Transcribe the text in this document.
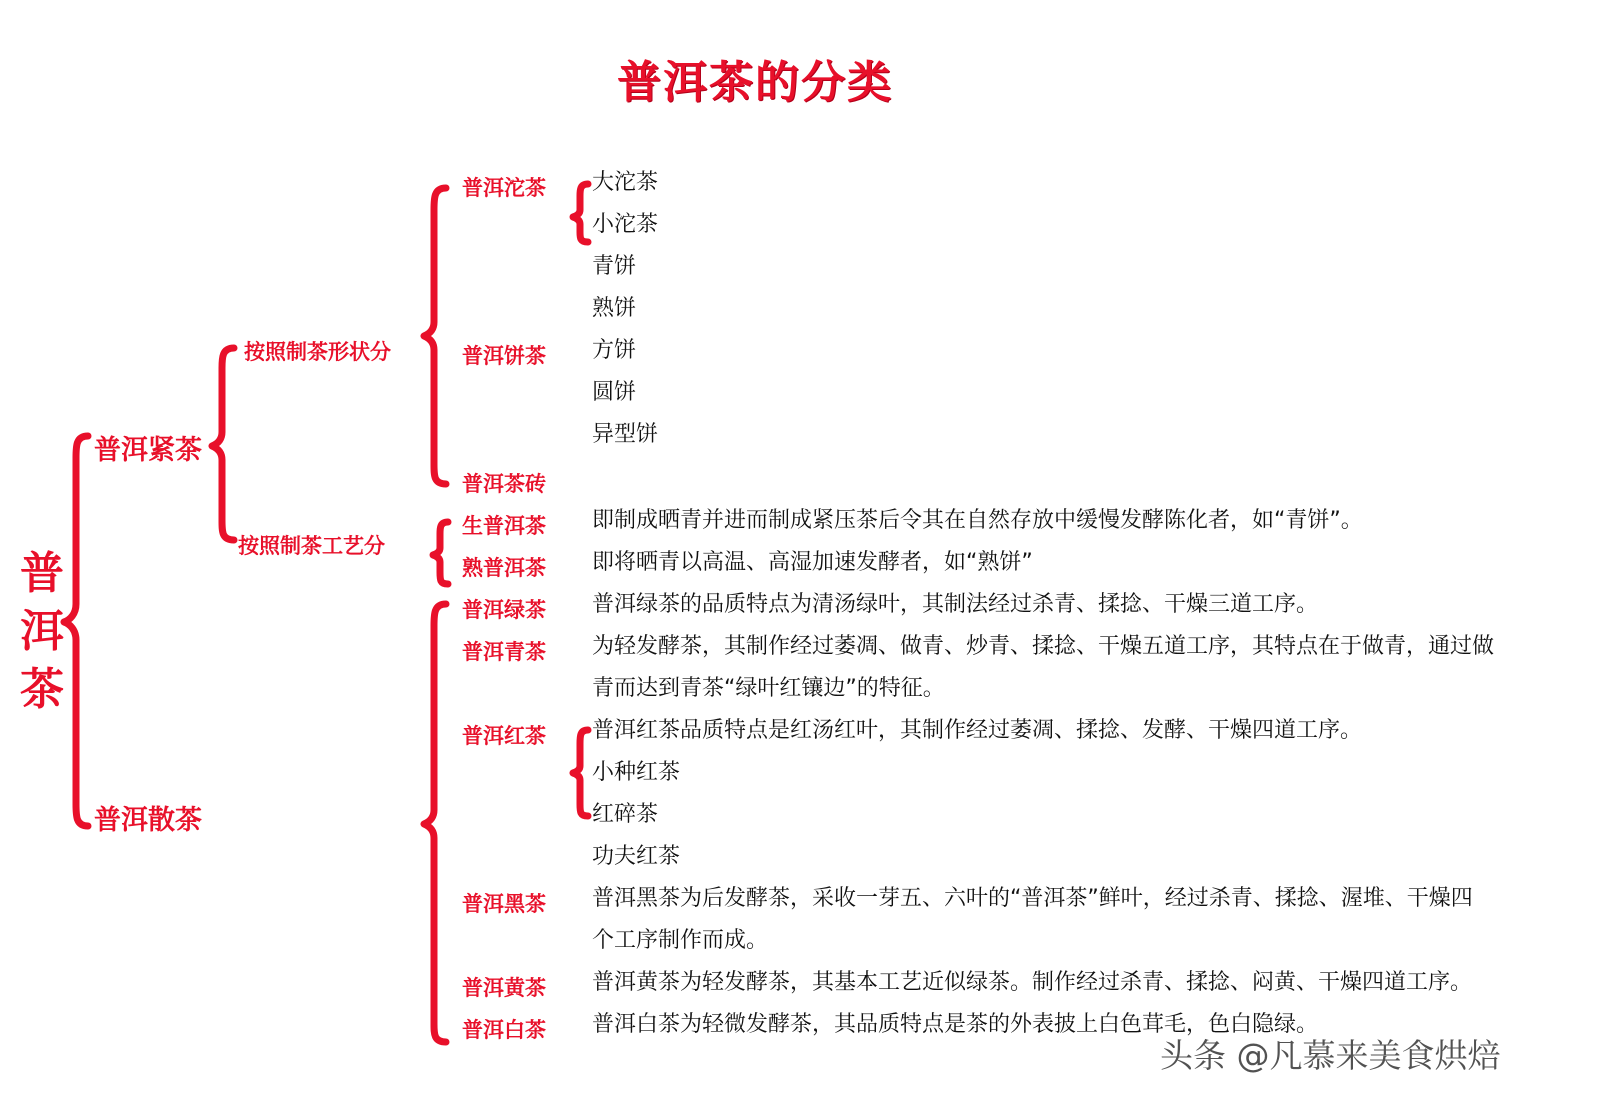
普洱茶的分类
普
洱
茶
普洱紧茶
普洱散茶
按照制茶形状分
按照制茶工艺分
普洱沱茶
普洱饼茶
普洱茶砖
生普洱茶
熟普洱茶
普洱绿茶
普洱青茶
普洱红茶
普洱黑茶
普洱黄茶
普洱白茶
大沱茶
小沱茶
青饼
熟饼
方饼
圆饼
异型饼
即制成晒青并进而制成紧压茶后令其在自然存放中缓慢发酵陈化者，如“青饼”。
即将晒青以高温、高湿加速发酵者，如“熟饼”
普洱绿茶的品质特点为清汤绿叶，其制法经过杀青、揉捻、干燥三道工序。
为轻发酵茶，其制作经过萎凋、做青、炒青、揉捻、干燥五道工序，其特点在于做青，通过做
青而达到青茶“绿叶红镶边”的特征。
普洱红茶品质特点是红汤红叶，其制作经过萎凋、揉捻、发酵、干燥四道工序。
小种红茶
红碎茶
功夫红茶
普洱黑茶为后发酵茶，采收一芽五、六叶的“普洱茶”鲜叶，经过杀青、揉捻、渥堆、干燥四
个工序制作而成。
普洱黄茶为轻发酵茶，其基本工艺近似绿茶。制作经过杀青、揉捻、闷黄、干燥四道工序。
普洱白茶为轻微发酵茶，其品质特点是茶的外表披上白色茸毛，色白隐绿。
头条 @凡慕来美食烘焙
